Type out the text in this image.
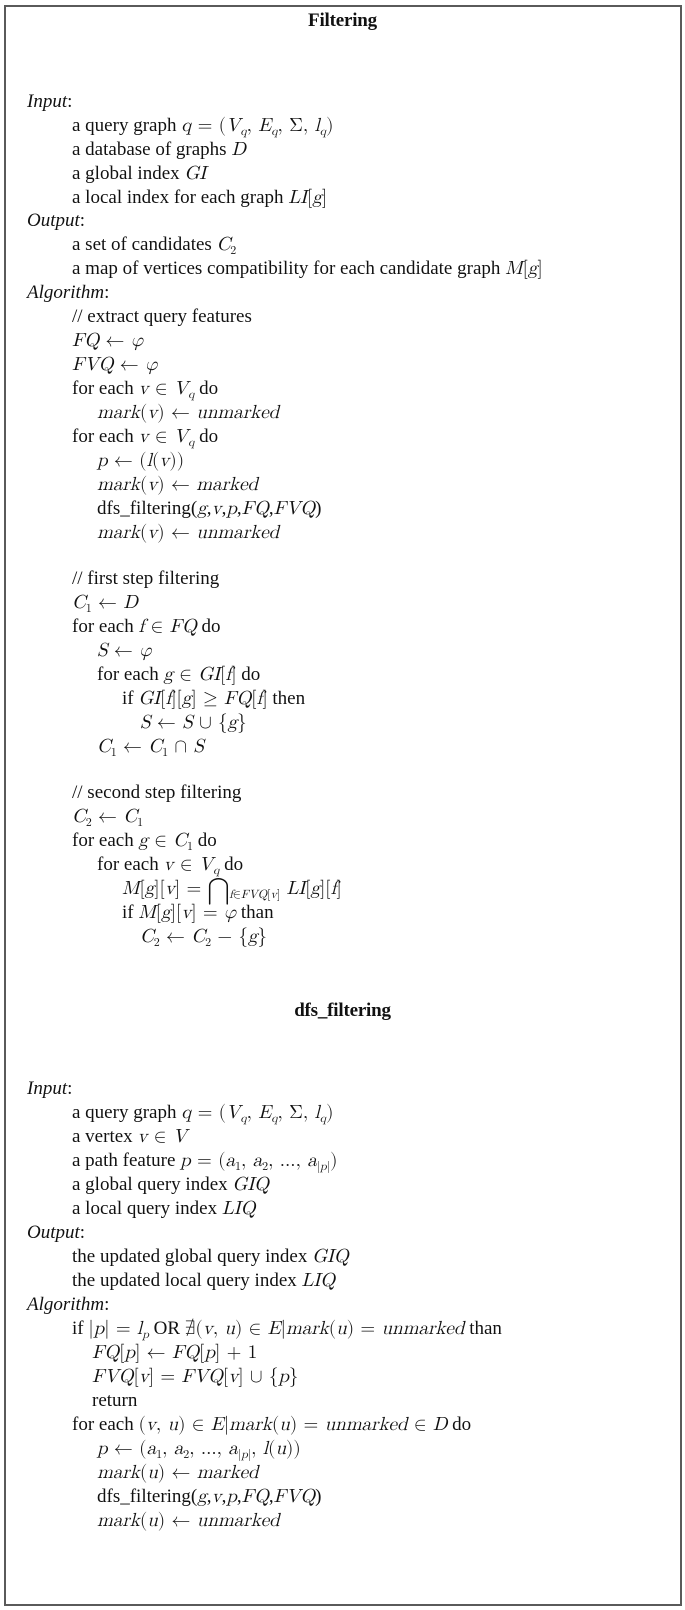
Filtering
Input:
a query graph $q = (V_q$, $E_q$, Σ, $l_q$)
a database of graphs D
a global index GI
a local index for each graph LI[g]
Output:
a set of candidates $C_2$
a map of vertices compatibility for each candidate graph M[g]
Algorithm:
// extract query features
FQ ← φ
FVQ ← φ
for each v ∈ $V_q$ do
mark(v) ← unmarked
for each v ∈ $V_q$ do
p ← (l(v))
mark(v) ← marked
dfs_filtering(g,v,p,FQ,FVQ)
mark(v) ← unmarked
// first step filtering
$C_1$ ← D
for each f ∈ FQ do
S ← φ
for each g ∈ GI[f] do
if GI[f][g] ≥ FQ[f] then
S ← S ∪ {g}
$C_1$ ← $C_1$ ∩ S
// second step filtering
$C_2$ ← $C_1$
for each g ∈ $C_1$ do
for each v ∈ $V_q$ do
$M[g][v] = ⋂_{f\in FVQ[v]}$ LI[g][f]
if M[g][v] = φ than
$C_2$ ← $C_2 - \{g\}$
dfs_filtering
Input:
a query graph $q = (V_q$, $E_q$, Σ, $l_q$)
a vertex v ∈ V
a path feature $p = (a_1$, $a_2$, ..., $a_{|p|}$)
a global query index GIQ
a local query index LIQ
Output:
the updated global query index GIQ
the updated local query index LIQ
Algorithm:
if $|p| = l_p$ OR ∄(v, u) ∈ E|mark(u) = unmarked than
FQ[p] ← FQ[p] + 1
FVQ[v] = FVQ[v] ∪ {p}
return
for each (v, u) ∈ E|mark(u) = unmarked ∈ D do
p ← ($a_1$, $a_2$, ..., $a_{|p|}$, l(u))
mark(u) ← marked
dfs_filtering(g,v,p,FQ,FVQ)
mark(u) ← unmarked
